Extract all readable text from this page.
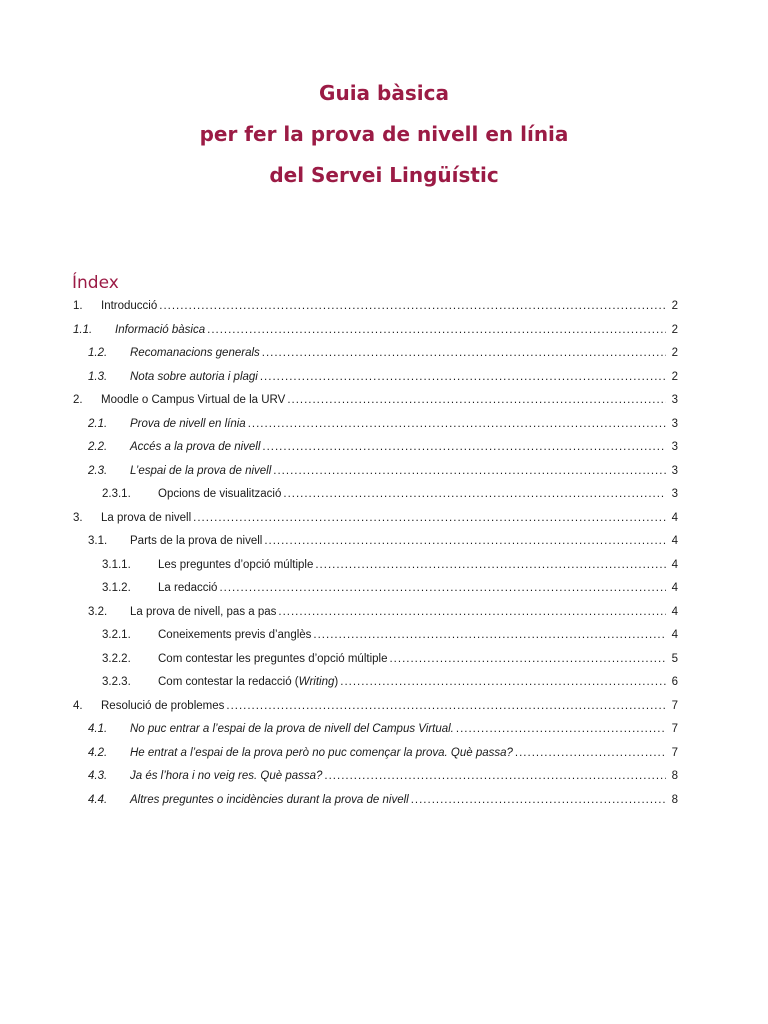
Guia bàsica
per fer la prova de nivell en línia
del Servei Lingüístic
Índex
1. Introducció .....	2
1.1. Informació bàsica .....	2
1.2. Recomanacions generals .....	2
1.3. Nota sobre autoria i plagi .....	2
2. Moodle o Campus Virtual de la URV .....	3
2.1. Prova de nivell en línia .....	3
2.2. Accés a la prova de nivell .....	3
2.3. L’espai de la prova de nivell .....	3
2.3.1. Opcions de visualització .....	3
3. La prova de nivell .....	4
3.1. Parts de la prova de nivell .....	4
3.1.1. Les preguntes d’opció múltiple .....	4
3.1.2. La redacció .....	4
3.2. La prova de nivell, pas a pas .....	4
3.2.1. Coneixements previs d’anglès .....	4
3.2.2. Com contestar les preguntes d’opció múltiple .....	5
3.2.3. Com contestar la redacció (Writing) .....	6
4. Resolució de problemes .....	7
4.1. No puc entrar a l’espai de la prova de nivell del Campus Virtual. .....	7
4.2. He entrat a l’espai de la prova però no puc començar la prova. Què passa? .....	7
4.3. Ja és l’hora i no veig res. Què passa? .....	8
4.4. Altres preguntes o incidències durant la prova de nivell .....	8
